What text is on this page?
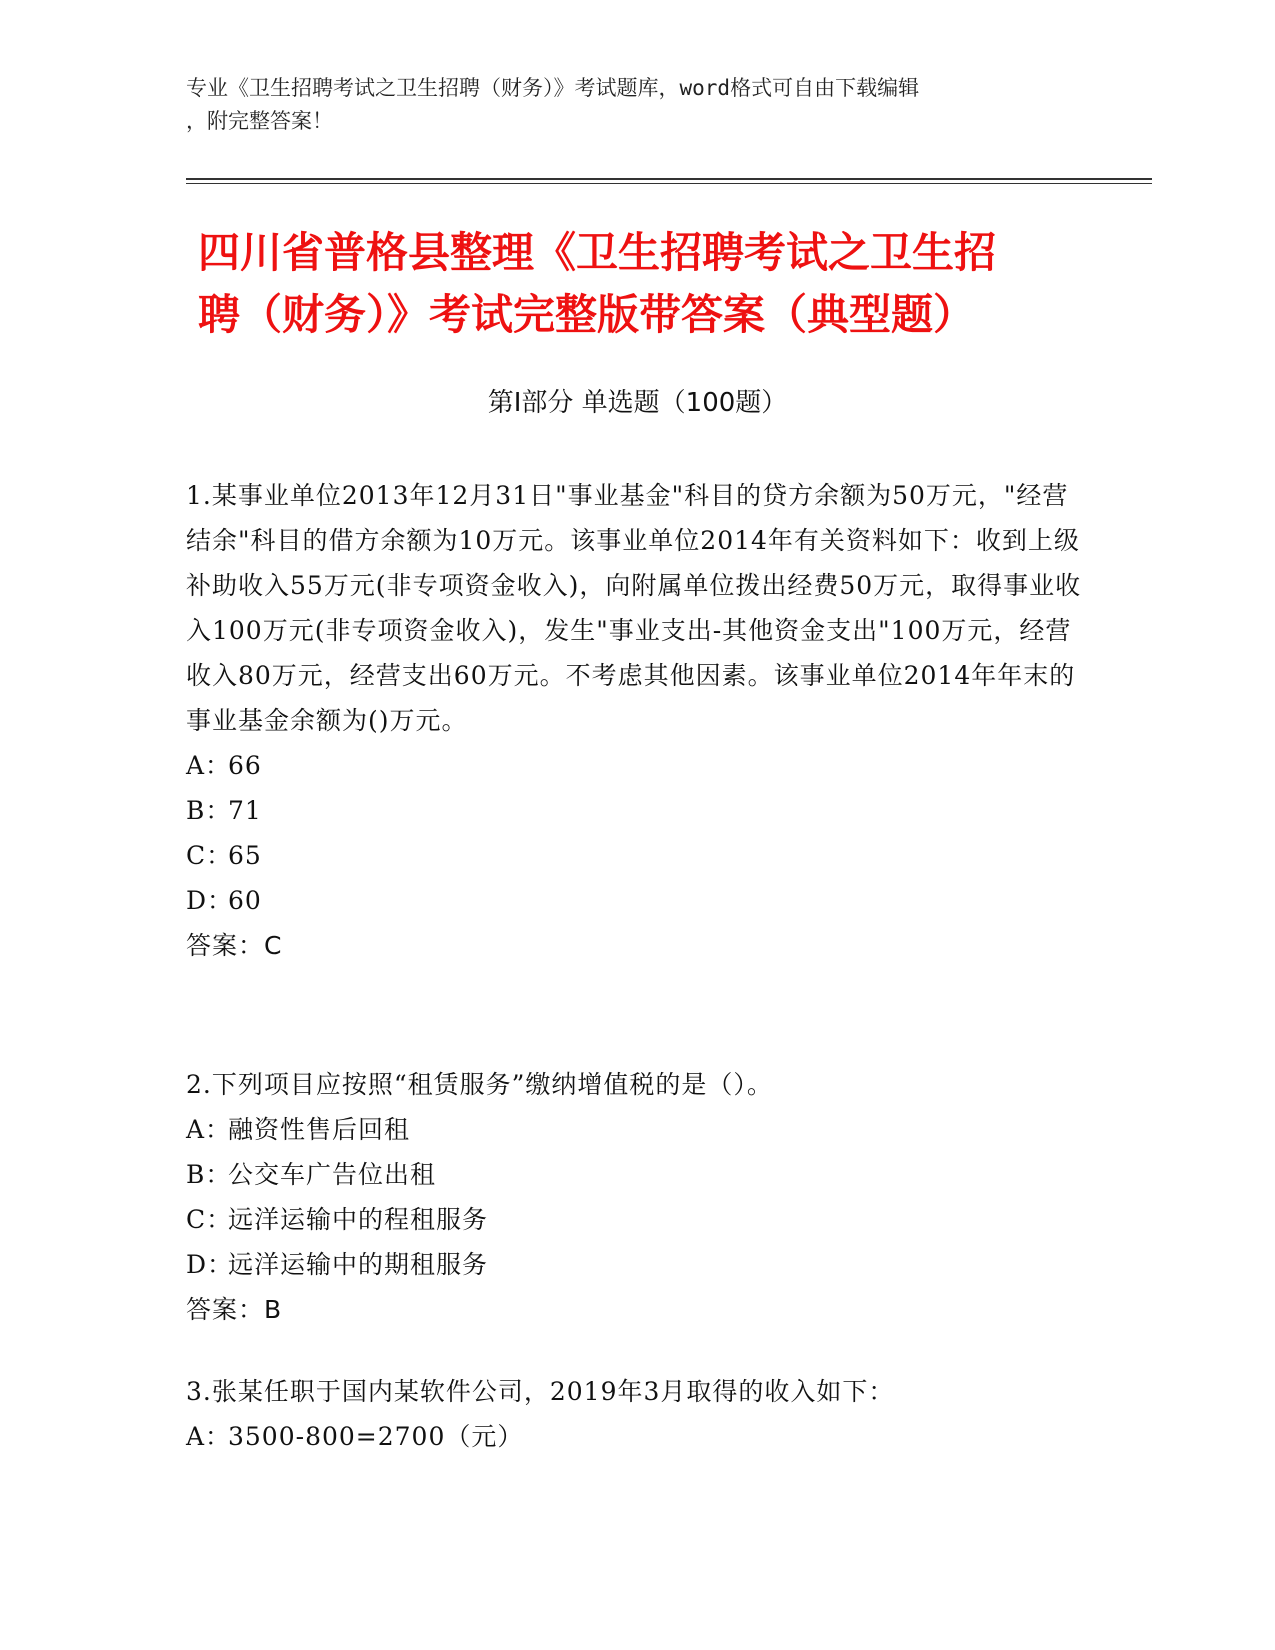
专业《卫生招聘考试之卫生招聘（财务）》考试题库，word格式可自由下载编辑
，附完整答案！
四川省普格县整理《卫生招聘考试之卫生招
聘（财务）》考试完整版带答案（典型题）
第Ⅰ部分 单选题（100题）

1.某事业单位2013年12月31日"事业基金"科目的贷方余额为50万元，"经营结余"科目的借方余额为10万元。该事业单位2014年有关资料如下：收到上级补助收入55万元(非专项资金收入)，向附属单位拨出经费50万元，取得事业收入100万元(非专项资金收入)，发生"事业支出-其他资金支出"100万元，经营收入80万元，经营支出60万元。不考虑其他因素。该事业单位2014年年末的事业基金余额为()万元。

A：66

B：71

C：65

D：60

答案：C

2.下列项目应按照“租赁服务”缴纳增值税的是（）。

A：融资性售后回租

B：公交车广告位出租

C：远洋运输中的程租服务

D：远洋运输中的期租服务

答案：B

3.张某任职于国内某软件公司，2019年3月取得的收入如下：

A：3500-800=2700（元）
